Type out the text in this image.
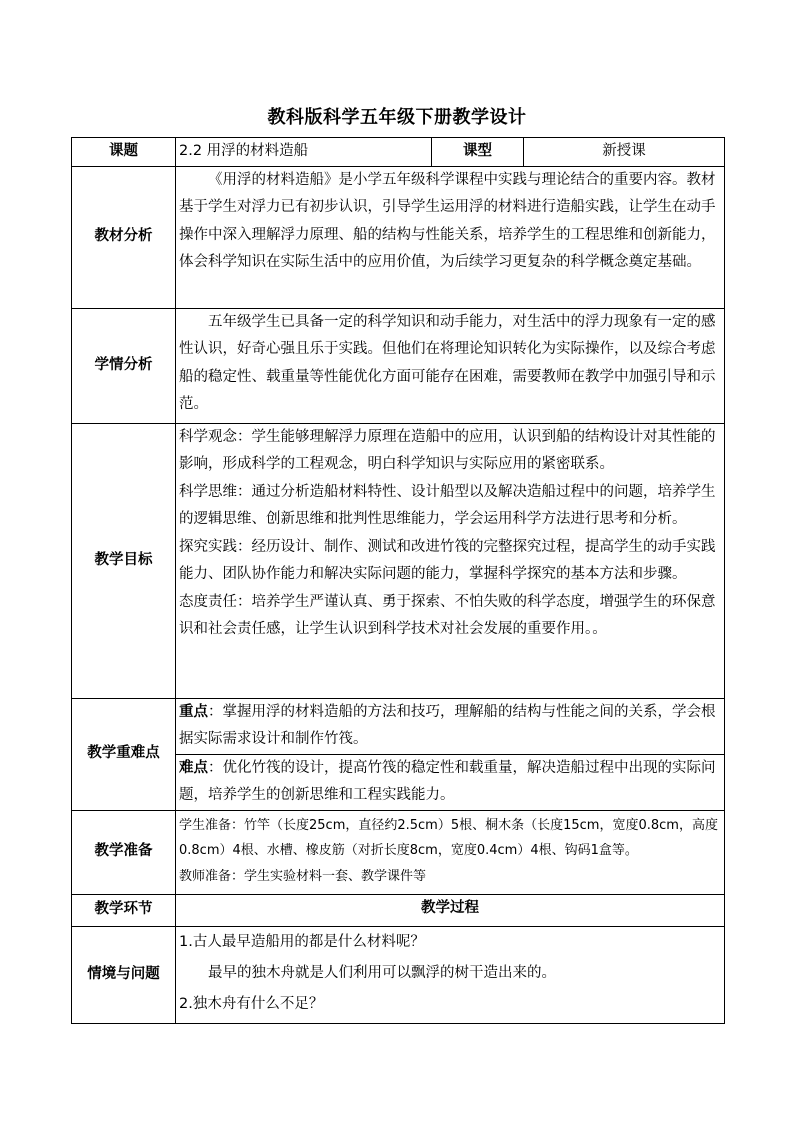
教科版科学五年级下册教学设计
课题	2.2 用浮的材料造船	课型	新授课
教材分析	《用浮的材料造船》是小学五年级科学课程中实践与理论结合的重要内容。教材基于学生对浮力已有初步认识，引导学生运用浮的材料进行造船实践，让学生在动手操作中深入理解浮力原理、船的结构与性能关系，培养学生的工程思维和创新能力，体会科学知识在实际生活中的应用价值，为后续学习更复杂的科学概念奠定基础。		

学情分析	五年级学生已具备一定的科学知识和动手能力，对生活中的浮力现象有一定的感性认识，好奇心强且乐于实践。但他们在将理论知识转化为实际操作，以及综合考虑船的稳定性、载重量等性能优化方面可能存在困难，需要教师在教学中加强引导和示范。		

教学目标	科学观念：学生能够理解浮力原理在造船中的应用，认识到船的结构设计对其性能的影响，形成科学的工程观念，明白科学知识与实际应用的紧密联系。

科学思维：通过分析造船材料特性、设计船型以及解决造船过程中的问题，培养学生的逻辑思维、创新思维和批判性思维能力，学会运用科学方法进行思考和分析。

探究实践：经历设计、制作、测试和改进竹筏的完整探究过程，提高学生的动手实践能力、团队协作能力和解决实际问题的能力，掌握科学探究的基本方法和步骤。

态度责任：培养学生严谨认真、勇于探索、不怕失败的科学态度，增强学生的环保意识和社会责任感，让学生认识到科学技术对社会发展的重要作用。。		

教学重难点	重点：掌握用浮的材料造船的方法和技巧，理解船的结构与性能之间的关系，学会根据实际需求设计和制作竹筏。		

	难点：优化竹筏的设计，提高竹筏的稳定性和载重量，解决造船过程中出现的实际问题，培养学生的创新思维和工程实践能力。		

教学准备	学生准备：竹竿（长度25cm，直径约2.5cm）5根、桐木条（长度15cm，宽度0.8cm，高度0.8cm）4根、水槽、橡皮筋（对折长度8cm，宽度0.4cm）4根、钩码1盒等。

教师准备：学生实验材料一套、教学课件等		

教学环节	教学过程		
情境与问题	1.古人最早造船用的都是什么材料呢？

最早的独木舟就是人们利用可以飘浮的树干造出来的。

2.独木舟有什么不足？		
